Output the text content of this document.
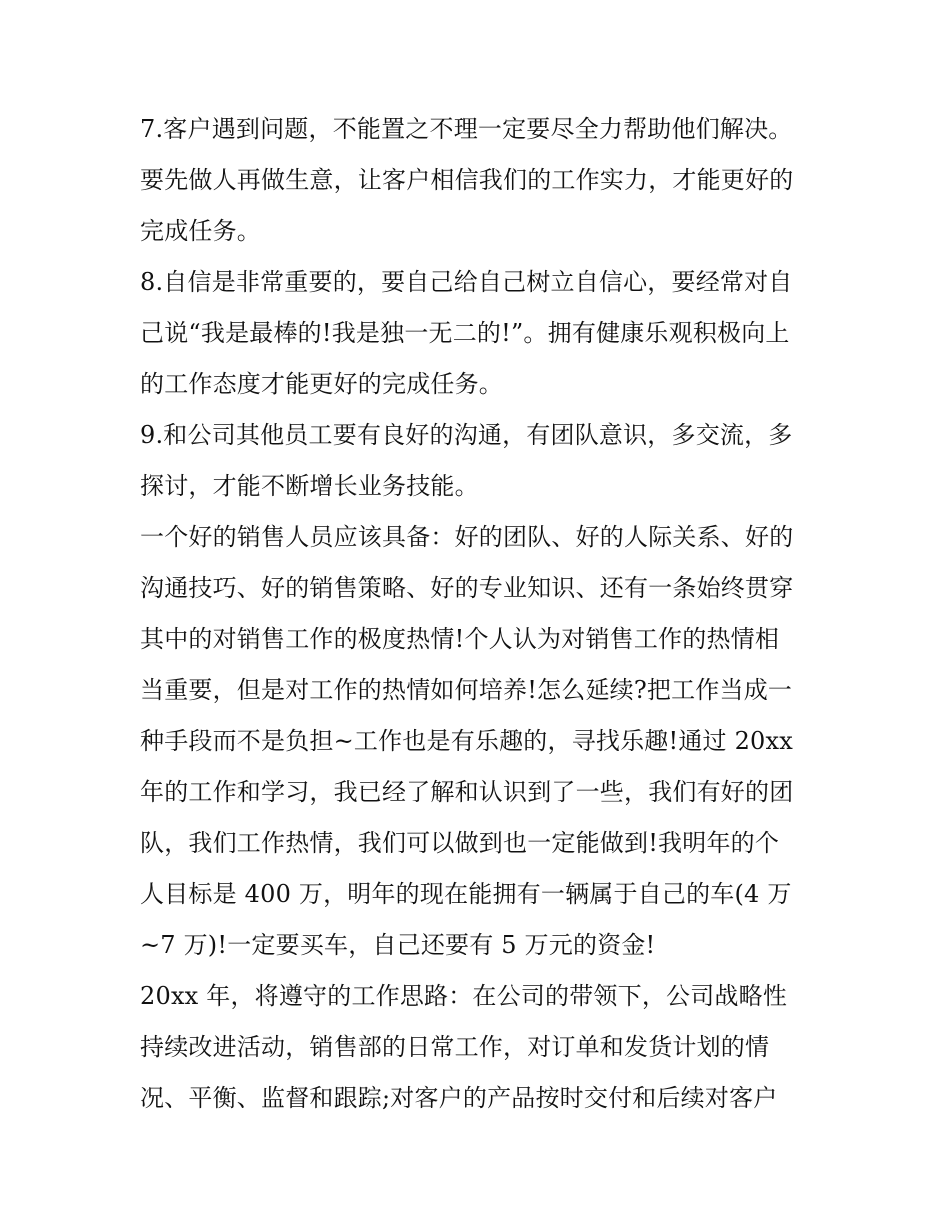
7.客户遇到问题，不能置之不理一定要尽全力帮助他们解决。
要先做人再做生意，让客户相信我们的工作实力，才能更好的
完成任务。
8.自信是非常重要的，要自己给自己树立自信心，要经常对自
己说“我是最棒的!我是独一无二的!”。拥有健康乐观积极向上
的工作态度才能更好的完成任务。
9.和公司其他员工要有良好的沟通，有团队意识，多交流，多
探讨，才能不断增长业务技能。
一个好的销售人员应该具备：好的团队、好的人际关系、好的
沟通技巧、好的销售策略、好的专业知识、还有一条始终贯穿
其中的对销售工作的极度热情!个人认为对销售工作的热情相
当重要，但是对工作的热情如何培养!怎么延续?把工作当成一
种手段而不是负担~工作也是有乐趣的，寻找乐趣!通过 20xx
年的工作和学习，我已经了解和认识到了一些，我们有好的团
队，我们工作热情，我们可以做到也一定能做到!我明年的个
人目标是 400 万，明年的现在能拥有一辆属于自己的车(4 万
~7 万)!一定要买车，自己还要有 5 万元的资金!
20xx 年，将遵守的工作思路：在公司的带领下，公司战略性
持续改进活动，销售部的日常工作，对订单和发货计划的情
况、平衡、监督和跟踪;对客户的产品按时交付和后续对客户
